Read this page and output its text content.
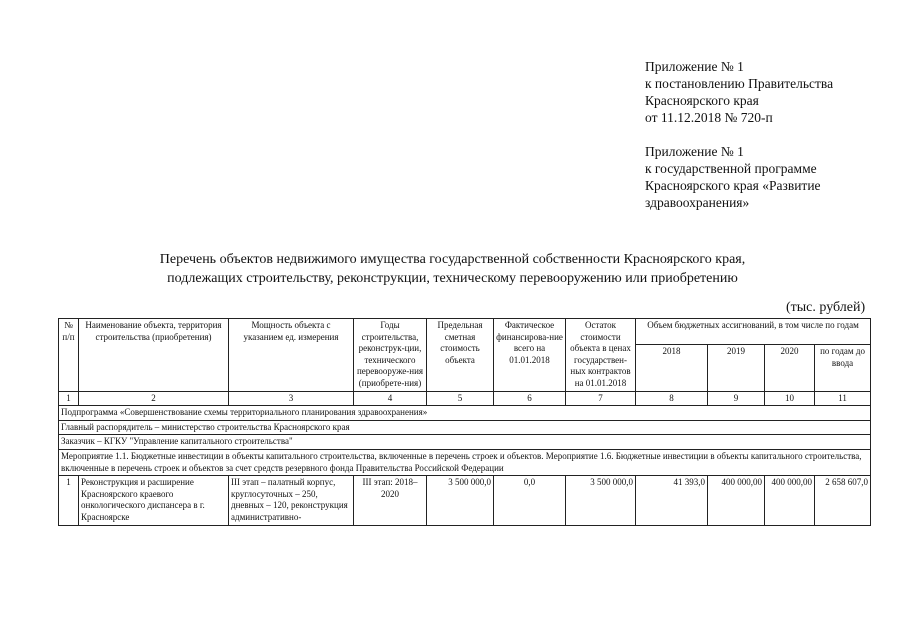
Приложение № 1
к постановлению Правительства
Красноярского края
от 11.12.2018 № 720-п
Приложение № 1
к государственной программе
Красноярского края «Развитие
здравоохранения»
Перечень объектов недвижимого имущества государственной собственности Красноярского края,
подлежащих строительству, реконструкции, техническому перевооружению или приобретению
(тыс. рублей)
№ п/п	Наименование объекта, территория строительства (приобретения)	Мощность объекта с указанием ед. измерения	Годы строительства, реконструк-ции, технического перевооруже-ния (приобрете-ния)	Предельная сметная стоимость объекта	Фактическое финансирова-ние всего на 01.01.2018	Остаток стоимости объекта в ценах государствен-ных контрактов на 01.01.2018	Объем бюджетных ассигнований, в том числе по годам			
							2018	2019	2020	по годам до ввода
1	2	3	4	5	6	7	8	9	10	11
Подпрограмма «Совершенствование схемы территориального планирования здравоохранения»										
Главный распорядитель – министерство строительства Красноярского края										
Заказчик – КГКУ "Управление капитального строительства"										
Мероприятие 1.1. Бюджетные инвестиции в объекты капитального строительства, включенные в перечень строек и объектов. Мероприятие 1.6. Бюджетные инвестиции в объекты капитального строительства, включенные в перечень строек и объектов за счет средств резервного фонда Правительства Российской Федерации										
1	Реконструкция и расширение Красноярского краевого онкологического диспансера в г. Красноярске	III этап – палатный корпус, круглосуточных – 250, дневных – 120, реконструкция административно-	III этап: 2018–2020	3 500 000,0	0,0	3 500 000,0	41 393,0	400 000,00	400 000,00	2 658 607,0
